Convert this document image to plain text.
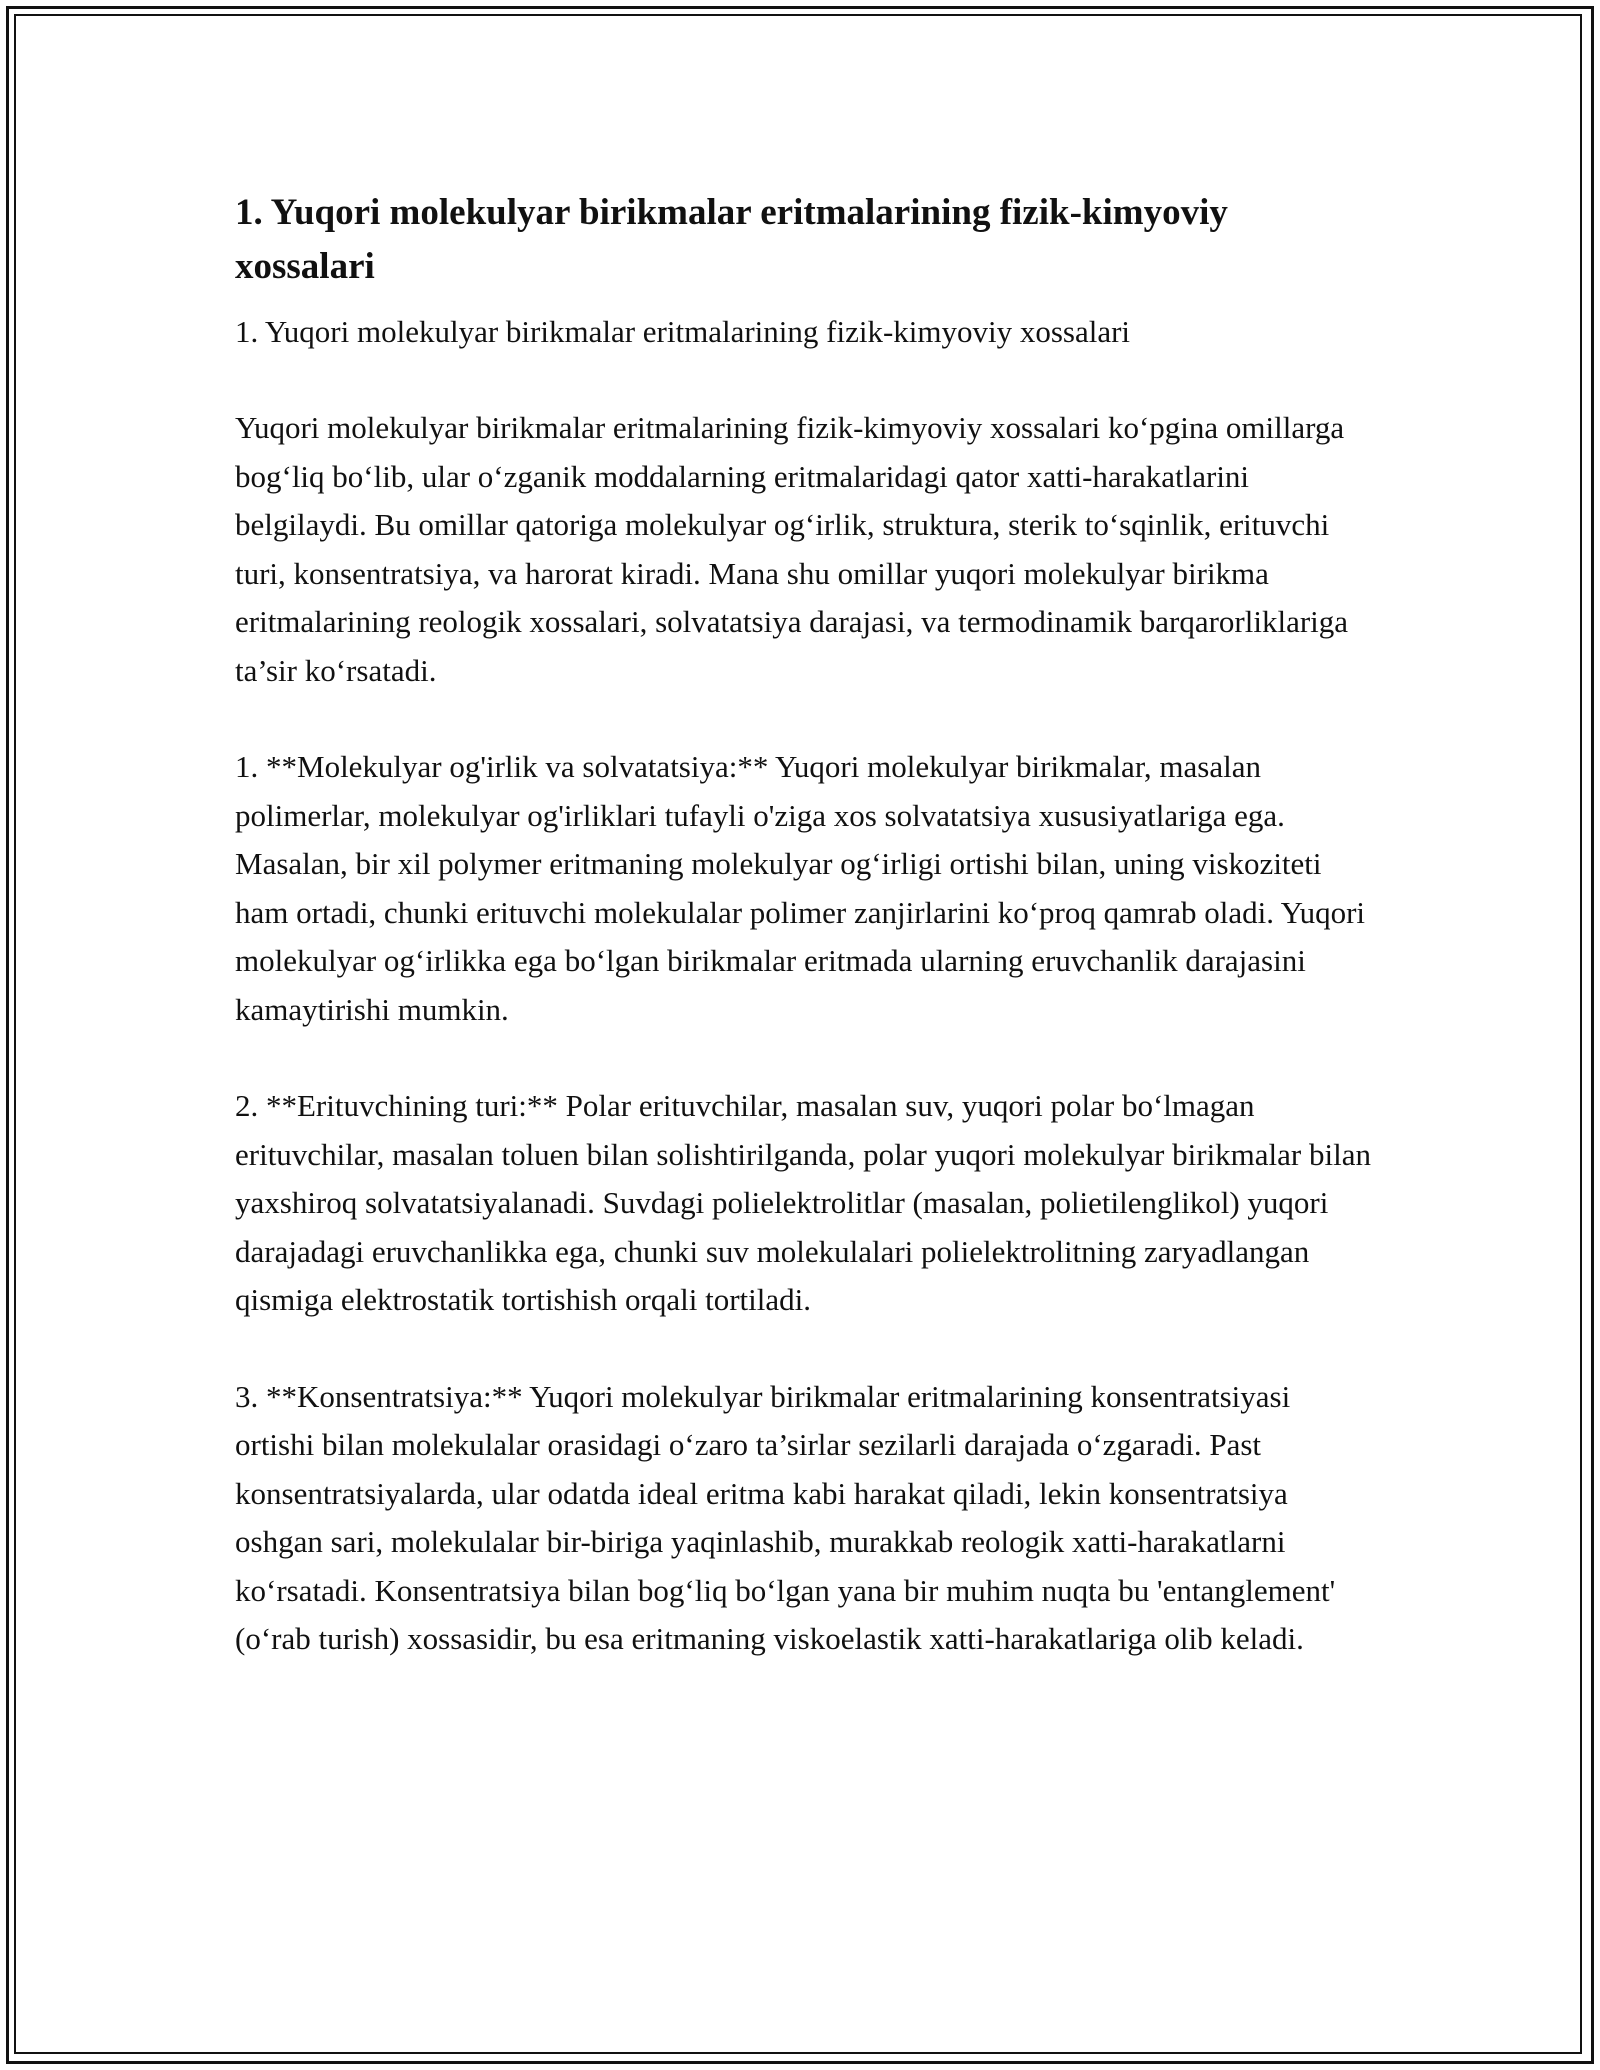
1. Yuqori molekulyar birikmalar eritmalarining fizik-kimyoviy xossalari

1. Yuqori molekulyar birikmalar eritmalarining fizik-kimyoviy xossalari

Yuqori molekulyar birikmalar eritmalarining fizik-kimyoviy xossalari ko‘pgina omillarga bog‘liq bo‘lib, ular o‘zganik moddalarning eritmalaridagi qator xatti-harakatlarini belgilaydi. Bu omillar qatoriga molekulyar og‘irlik, struktura, sterik to‘sqinlik, erituvchi turi, konsentratsiya, va harorat kiradi. Mana shu omillar yuqori molekulyar birikma eritmalarining reologik xossalari, solvatatsiya darajasi, va termodinamik barqarorliklariga ta’sir ko‘rsatadi.

1. **Molekulyar og'irlik va solvatatsiya:** Yuqori molekulyar birikmalar, masalan polimerlar, molekulyar og'irliklari tufayli o'ziga xos solvatatsiya xususiyatlariga ega. Masalan, bir xil polymer eritmaning molekulyar og‘irligi ortishi bilan, uning viskoziteti ham ortadi, chunki erituvchi molekulalar polimer zanjirlarini ko‘proq qamrab oladi. Yuqori molekulyar og‘irlikka ega bo‘lgan birikmalar eritmada ularning eruvchanlik darajasini kamaytirishi mumkin.

2. **Erituvchining turi:** Polar erituvchilar, masalan suv, yuqori polar bo‘lmagan erituvchilar, masalan toluen bilan solishtirilganda, polar yuqori molekulyar birikmalar bilan yaxshiroq solvatatsiyalanadi. Suvdagi polielektrolitlar (masalan, polietilenglikol) yuqori darajadagi eruvchanlikka ega, chunki suv molekulalari polielektrolitning zaryadlangan qismiga elektrostatik tortishish orqali tortiladi.

3. **Konsentratsiya:** Yuqori molekulyar birikmalar eritmalarining konsentratsiyasi ortishi bilan molekulalar orasidagi o‘zaro ta’sirlar sezilarli darajada o‘zgaradi. Past konsentratsiyalarda, ular odatda ideal eritma kabi harakat qiladi, lekin konsentratsiya oshgan sari, molekulalar bir-biriga yaqinlashib, murakkab reologik xatti-harakatlarni ko‘rsatadi. Konsentratsiya bilan bog‘liq bo‘lgan yana bir muhim nuqta bu 'entanglement' (o‘rab turish) xossasidir, bu esa eritmaning viskoelastik xatti-harakatlariga olib keladi.
